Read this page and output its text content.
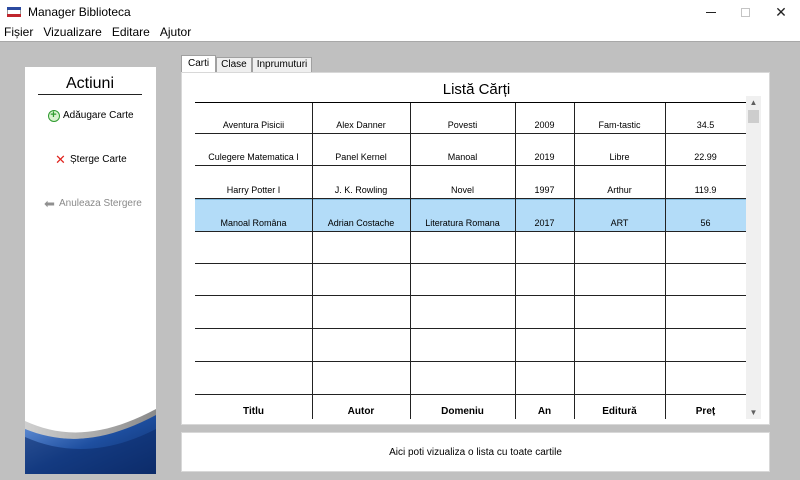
Manager Biblioteca	✕
Fișier Vizualizare Editare Ajutor
Actiuni
+ Adăugare Carte
✕ Șterge Carte
⬅ Anuleaza Stergere
Carti	Clase	Inprumuturi
Listă Cărți
Aventura Pisicii	Alex Danner	Povesti	2009	Fam-tastic	34.5
Culegere Matematica I	Panel Kernel	Manoal	2019	Libre	22.99
Harry Potter I	J. K. Rowling	Novel	1997	Arthur	119.9
Manoal Româna	Adrian Costache	Literatura Romana	2017	ART	56
Titlu	Autor	Domeniu	An	Editură	Preț
▲
▼
Aici poti vizualiza o lista cu toate cartile
